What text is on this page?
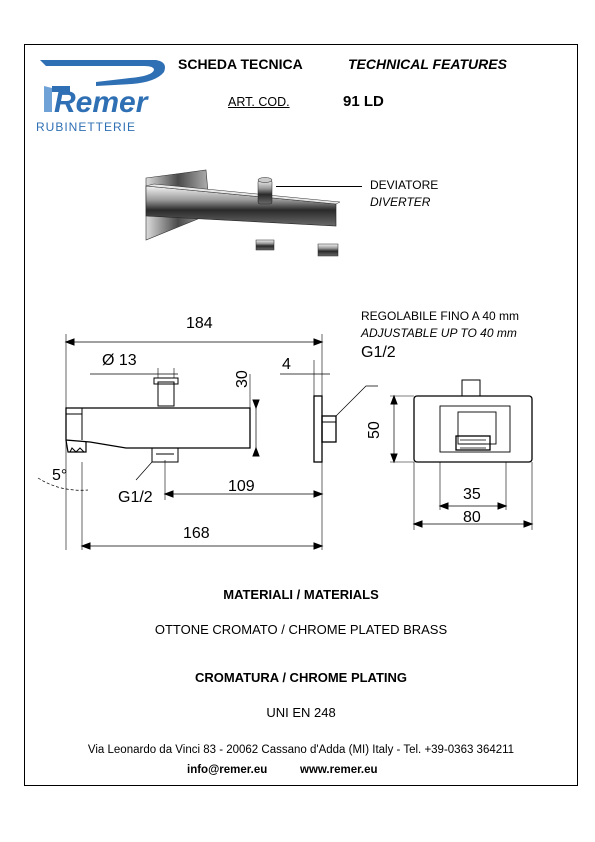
Remer
RUBINETTERIE
SCHEDA TECNICA	TECHNICAL FEATURES
ART. COD.	91 LD
DEVIATORE
DIVERTER
REGOLABILE FINO A 40 mm
ADJUSTABLE UP TO 40 mm
184
Ø 13	4
30
G1/2
5°
G1/2
109
168
50
35
80
MATERIALI / MATERIALS
OTTONE CROMATO / CHROME PLATED BRASS
CROMATURA / CHROME PLATING
UNI EN 248
Via Leonardo da Vinci 83 - 20062 Cassano d'Adda (MI) Italy - Tel. +39-0363 364211
info@remer.eu	www.remer.eu
